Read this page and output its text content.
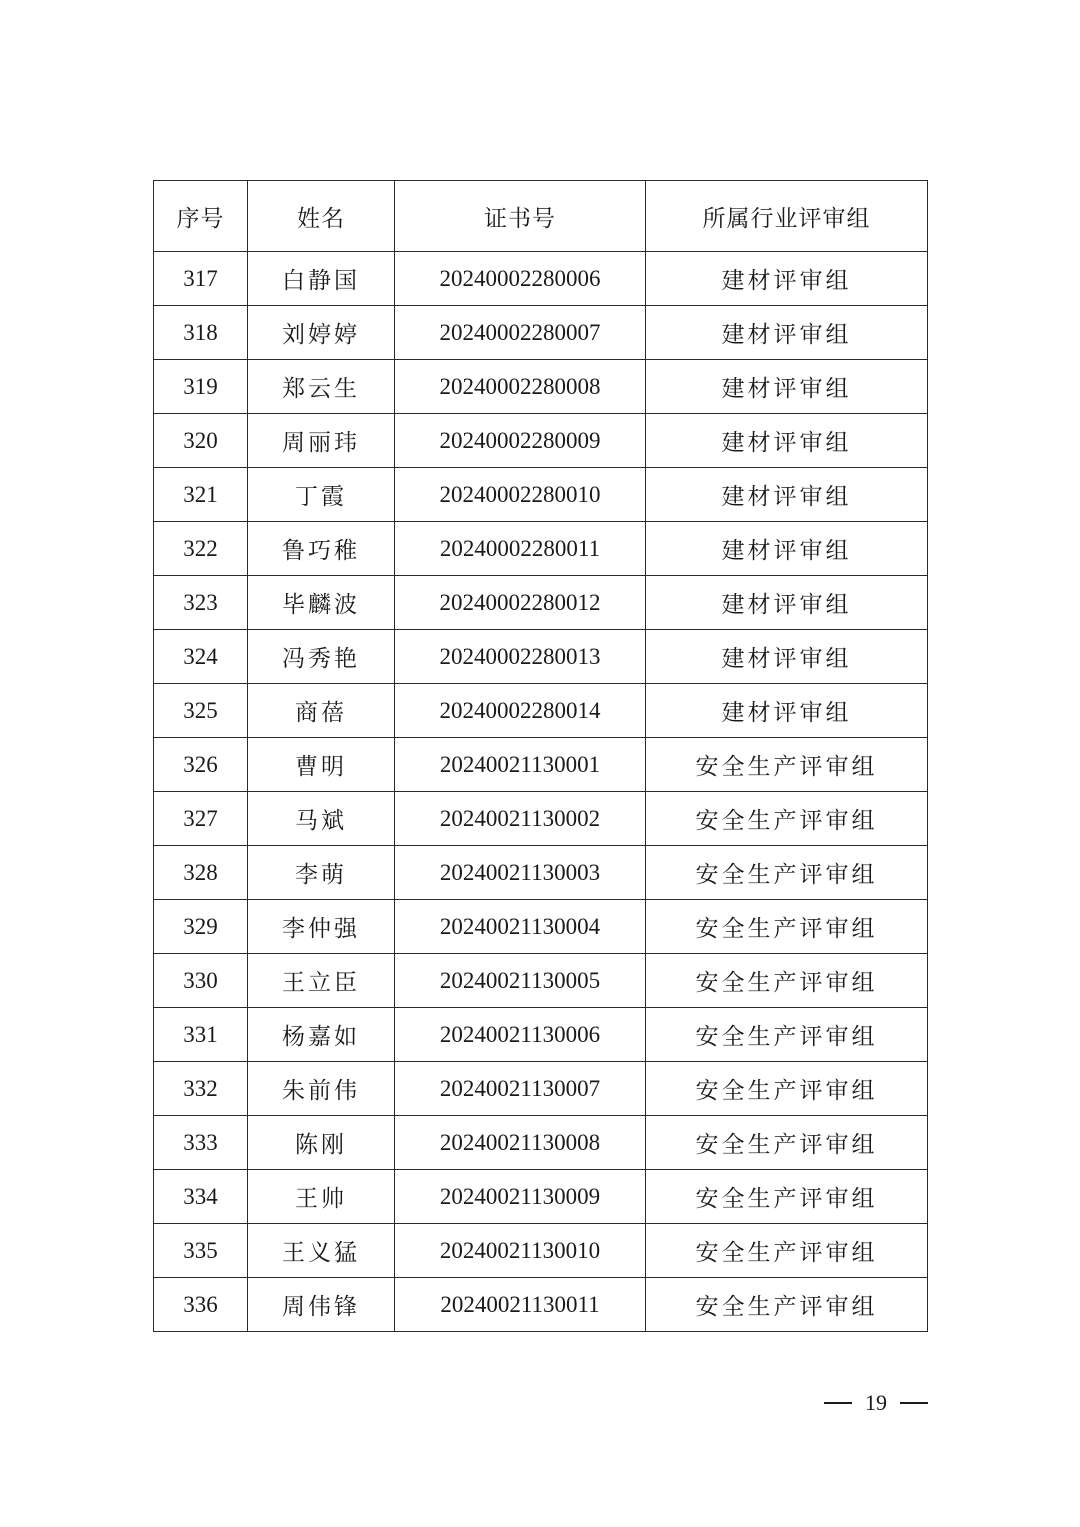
序号	姓名	证书号	所属行业评审组
317	白静国	20240002280006	建材评审组
318	刘婷婷	20240002280007	建材评审组
319	郑云生	20240002280008	建材评审组
320	周丽玮	20240002280009	建材评审组
321	丁霞	20240002280010	建材评审组
322	鲁巧稚	20240002280011	建材评审组
323	毕麟波	20240002280012	建材评审组
324	冯秀艳	20240002280013	建材评审组
325	商蓓	20240002280014	建材评审组
326	曹明	20240021130001	安全生产评审组
327	马斌	20240021130002	安全生产评审组
328	李萌	20240021130003	安全生产评审组
329	李仲强	20240021130004	安全生产评审组
330	王立臣	20240021130005	安全生产评审组
331	杨嘉如	20240021130006	安全生产评审组
332	朱前伟	20240021130007	安全生产评审组
333	陈刚	20240021130008	安全生产评审组
334	王帅	20240021130009	安全生产评审组
335	王义猛	20240021130010	安全生产评审组
336	周伟锋	20240021130011	安全生产评审组
19
